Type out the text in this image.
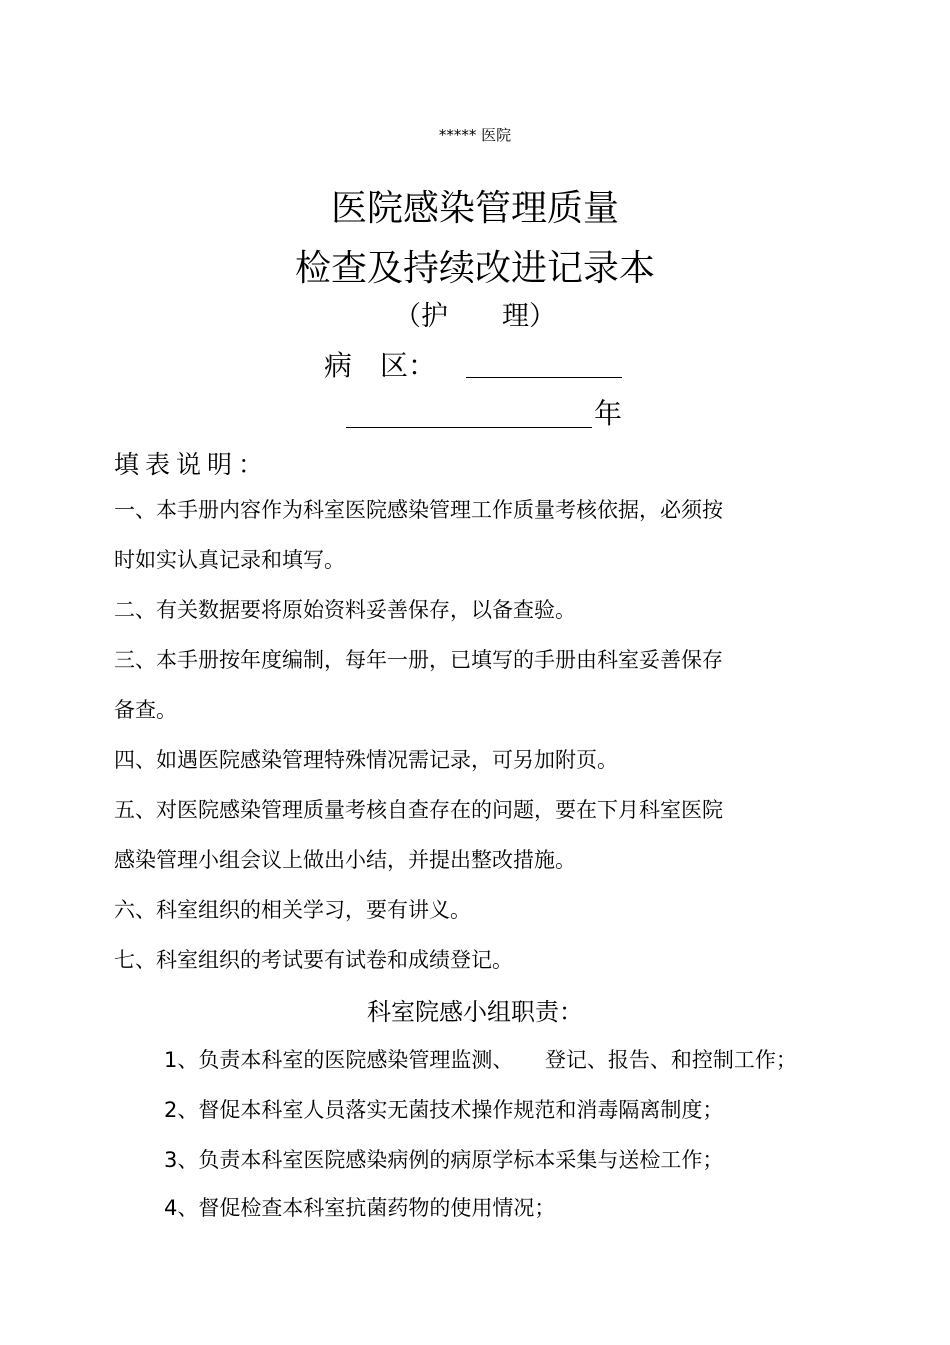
***** 医院
医院感染管理质量
检查及持续改进记录本
（护　　理）
病　区：
年
填表说明：
一、本手册内容作为科室医院感染管理工作质量考核依据，必须按
时如实认真记录和填写。
二、有关数据要将原始资料妥善保存，以备查验。
三、本手册按年度编制，每年一册，已填写的手册由科室妥善保存
备查。
四、如遇医院感染管理特殊情况需记录，可另加附页。
五、对医院感染管理质量考核自查存在的问题，要在下月科室医院
感染管理小组会议上做出小结，并提出整改措施。
六、科室组织的相关学习，要有讲义。
七、科室组织的考试要有试卷和成绩登记。
科室院感小组职责：
1、负责本科室的医院感染管理监测、　　登记、报告、和控制工作；
2、督促本科室人员落实无菌技术操作规范和消毒隔离制度；
3、负责本科室医院感染病例的病原学标本采集与送检工作；
4、督促检查本科室抗菌药物的使用情况；
